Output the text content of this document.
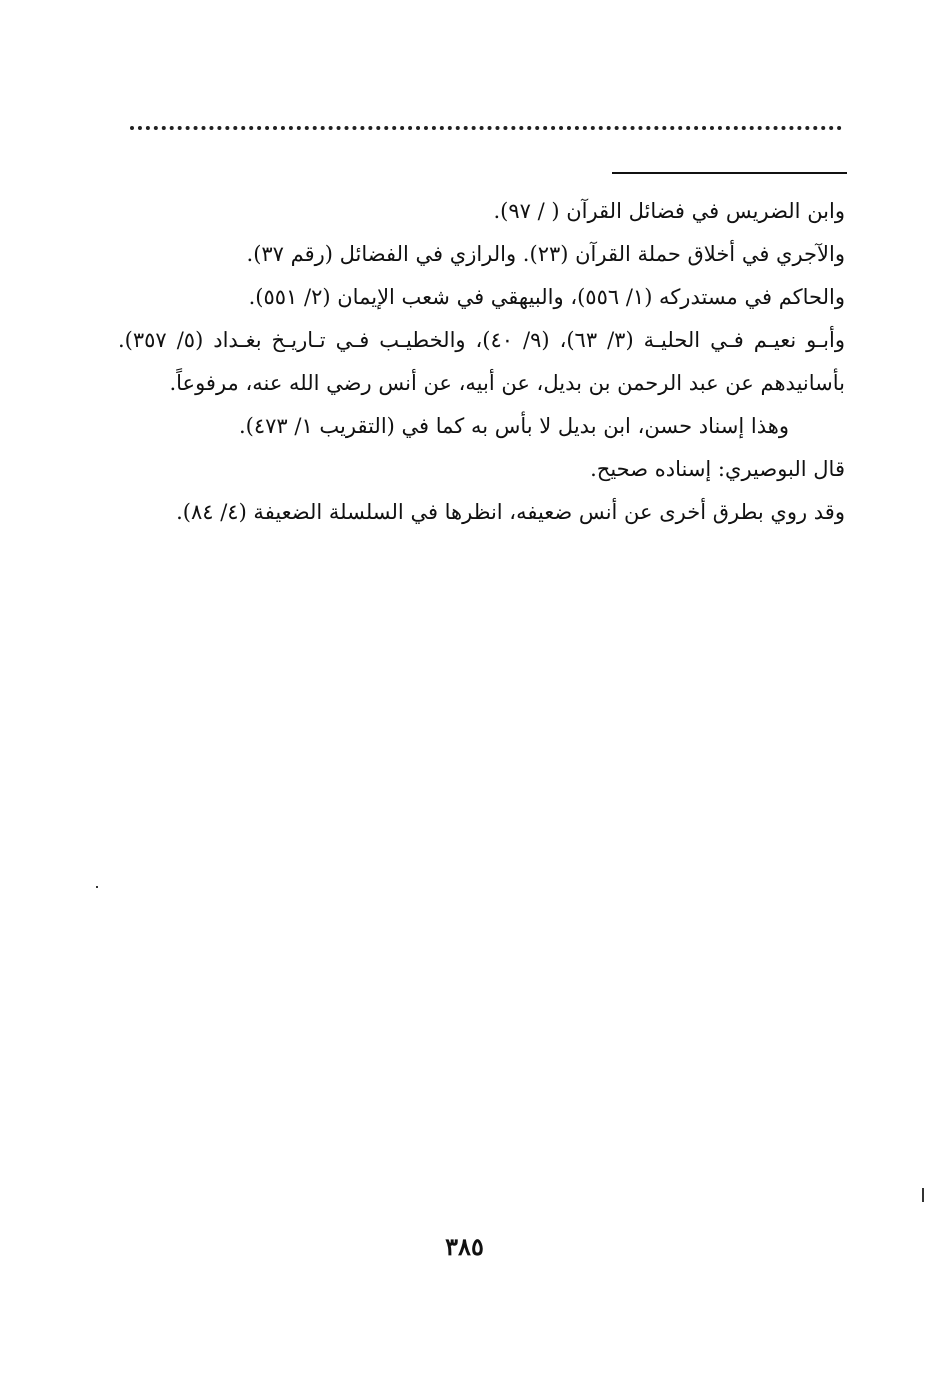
وابن الضريس في فضائل القرآن ( / ٩٧).

والآجري في أخلاق حملة القرآن (٢٣). والرازي في الفضائل (رقم ٣٧).

والحاكم في مستدركه (١/ ٥٥٦)، والبيهقي في شعب الإيمان (٢/ ٥٥١).

وأبـو نعيـم فـي الحليـة (٣/ ٦٣)، (٩/ ٤٠)، والخطيـب فـي تـاريـخ بغـداد (٥/ ٣٥٧). بأسانيدهم عن عبد الرحمن بن بديل، عن أبيه، عن أنس رضي الله عنه، مرفوعاً.

وهذا إسناد حسن، ابن بديل لا بأس به كما في (التقريب ١/ ٤٧٣).

قال البوصيري: إسناده صحيح.

وقد روي بطرق أخرى عن أنس ضعيفه، انظرها في السلسلة الضعيفة (٤/ ٨٤).

٣٨٥
